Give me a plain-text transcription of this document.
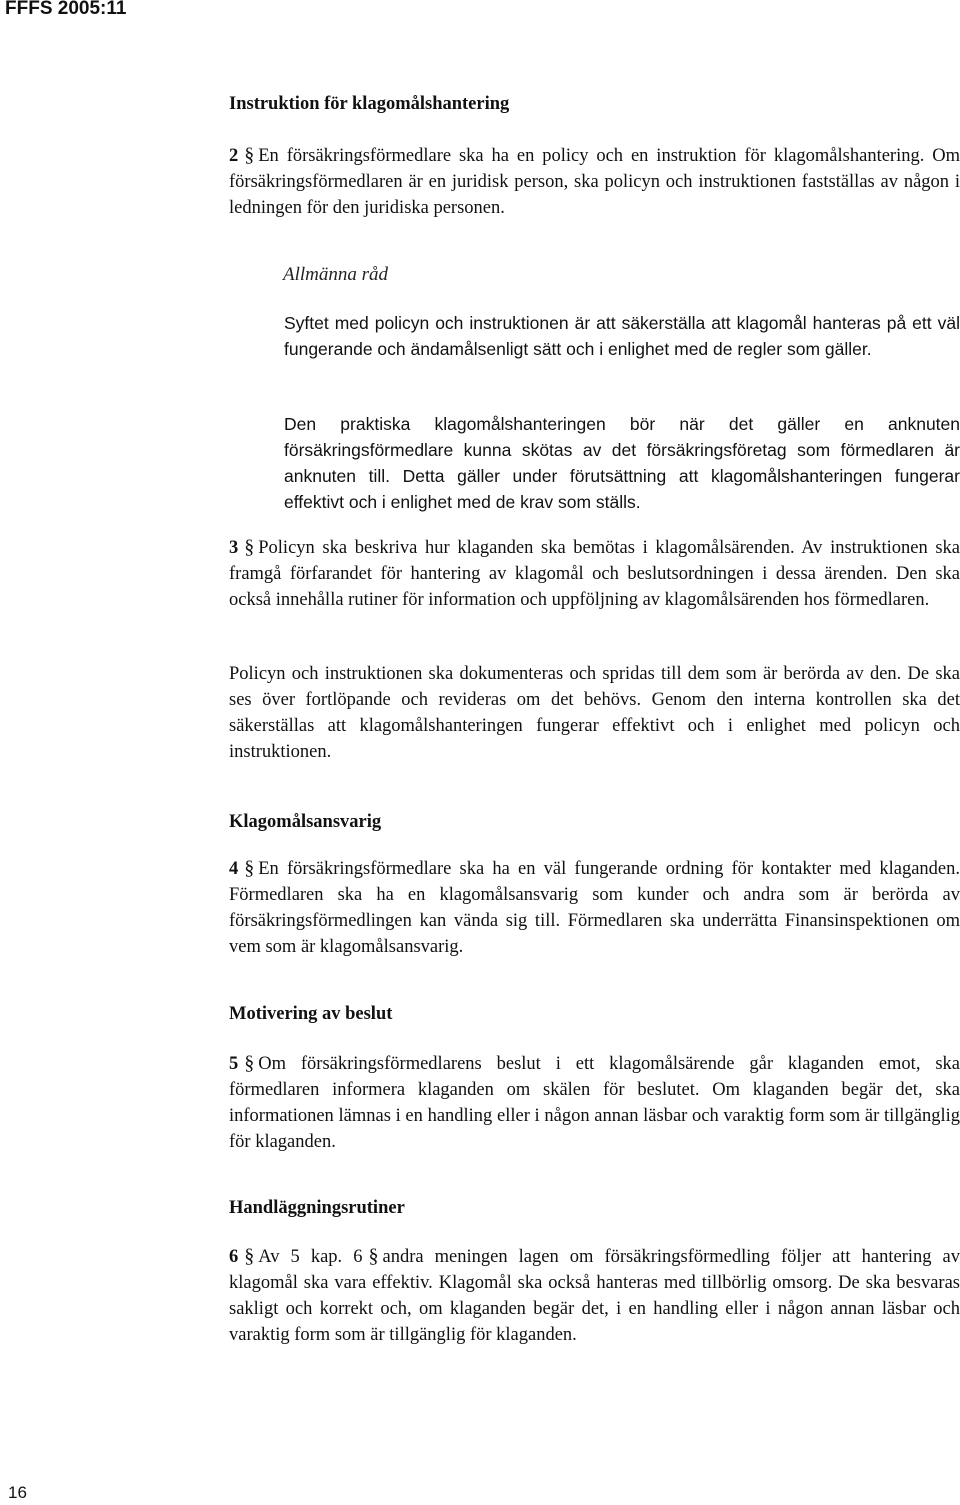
FFFS 2005:11
Instruktion för klagomålshantering

2 § En försäkringsförmedlare ska ha en policy och en instruktion för klagomålshantering. Om försäkringsförmedlaren är en juridisk person, ska policyn och instruktionen fastställas av någon i ledningen för den juridiska personen.

Allmänna råd

Syftet med policyn och instruktionen är att säkerställa att klagomål hanteras på ett väl fungerande och ändamålsenligt sätt och i enlighet med de regler som gäller.

Den praktiska klagomålshanteringen bör när det gäller en anknuten försäkringsförmedlare kunna skötas av det försäkringsföretag som förmedlaren är anknuten till. Detta gäller under förutsättning att klagomålshanteringen fungerar effektivt och i enlighet med de krav som ställs.

3 § Policyn ska beskriva hur klaganden ska bemötas i klagomålsärenden. Av instruktionen ska framgå förfarandet för hantering av klagomål och beslutsordningen i dessa ärenden. Den ska också innehålla rutiner för information och uppföljning av klagomålsärenden hos förmedlaren.

Policyn och instruktionen ska dokumenteras och spridas till dem som är berörda av den. De ska ses över fortlöpande och revideras om det behövs. Genom den interna kontrollen ska det säkerställas att klagomålshanteringen fungerar effektivt och i enlighet med policyn och instruktionen.

Klagomålsansvarig

4 § En försäkringsförmedlare ska ha en väl fungerande ordning för kontakter med klaganden. Förmedlaren ska ha en klagomålsansvarig som kunder och andra som är berörda av försäkringsförmedlingen kan vända sig till. Förmedlaren ska underrätta Finansinspektionen om vem som är klagomålsansvarig.

Motivering av beslut

5 § Om försäkringsförmedlarens beslut i ett klagomålsärende går klaganden emot, ska förmedlaren informera klaganden om skälen för beslutet. Om klaganden begär det, ska informationen lämnas i en handling eller i någon annan läsbar och varaktig form som är tillgänglig för klaganden.

Handläggningsrutiner

6 § Av 5 kap. 6 § andra meningen lagen om försäkringsförmedling följer att hantering av klagomål ska vara effektiv. Klagomål ska också hanteras med tillbörlig omsorg. De ska besvaras sakligt och korrekt och, om klaganden begär det, i en handling eller i någon annan läsbar och varaktig form som är tillgänglig för klaganden.

16
